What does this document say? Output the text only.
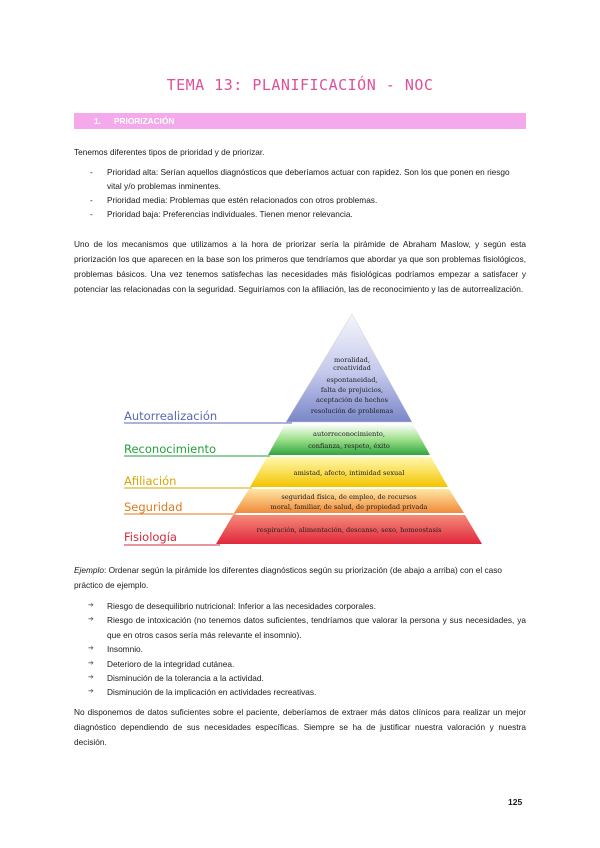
TEMA 13: PLANIFICACIÓN - NOC
1.	PRIORIZACIÓN

Tenemos diferentes tipos de prioridad y de priorizar.

- Prioridad alta: Serían aquellos diagnósticos que deberíamos actuar con rapidez. Son los que ponen en riesgo vital y/o problemas inminentes.
- Prioridad media: Problemas que estén relacionados con otros problemas.
- Prioridad baja: Preferencias individuales. Tienen menor relevancia.

Uno de los mecanismos que utilizamos a la hora de priorizar sería la pirámide de Abraham Maslow, y según esta priorización los que aparecen en la base son los primeros que tendríamos que abordar ya que son problemas fisiológicos, problemas básicos. Una vez tenemos satisfechas las necesidades más fisiológicas podríamos empezar a satisfacer y potenciar las relacionadas con la seguridad. Seguiríamos con la afiliación, las de reconocimiento y las de autorrealización.

moralidad,
creatividad
espontaneidad,
falta de prejuicios,
aceptación de hechos
resolución de problemas
autorreconocimiento,
confianza, respeto, éxito
amistad, afecto, intimidad sexual
seguridad física, de empleo, de recursos
moral, familiar, de salud, de propiedad privada
respiración, alimentación, descanso, sexo, homeostasis
Autorrealización
Reconocimiento
Afiliación
Seguridad
Fisiología

Ejemplo: Ordenar según la pirámide los diferentes diagnósticos según su priorización (de abajo a arriba) con el caso práctico de ejemplo.

➔ Riesgo de desequilibrio nutricional: Inferior a las necesidades corporales.
➔ Riesgo de intoxicación (no tenemos datos suficientes, tendríamos que valorar la persona y sus necesidades, ya que en otros casos sería más relevante el insomnio).
➔ Insomnio.
➔ Deterioro de la integridad cutánea.
➔ Disminución de la tolerancia a la actividad.
➔ Disminución de la implicación en actividades recreativas.

No disponemos de datos suficientes sobre el paciente, deberíamos de extraer más datos clínicos para realizar un mejor diagnóstico dependiendo de sus necesidades específicas. Siempre se ha de justificar nuestra valoración y nuestra decisión.

125
